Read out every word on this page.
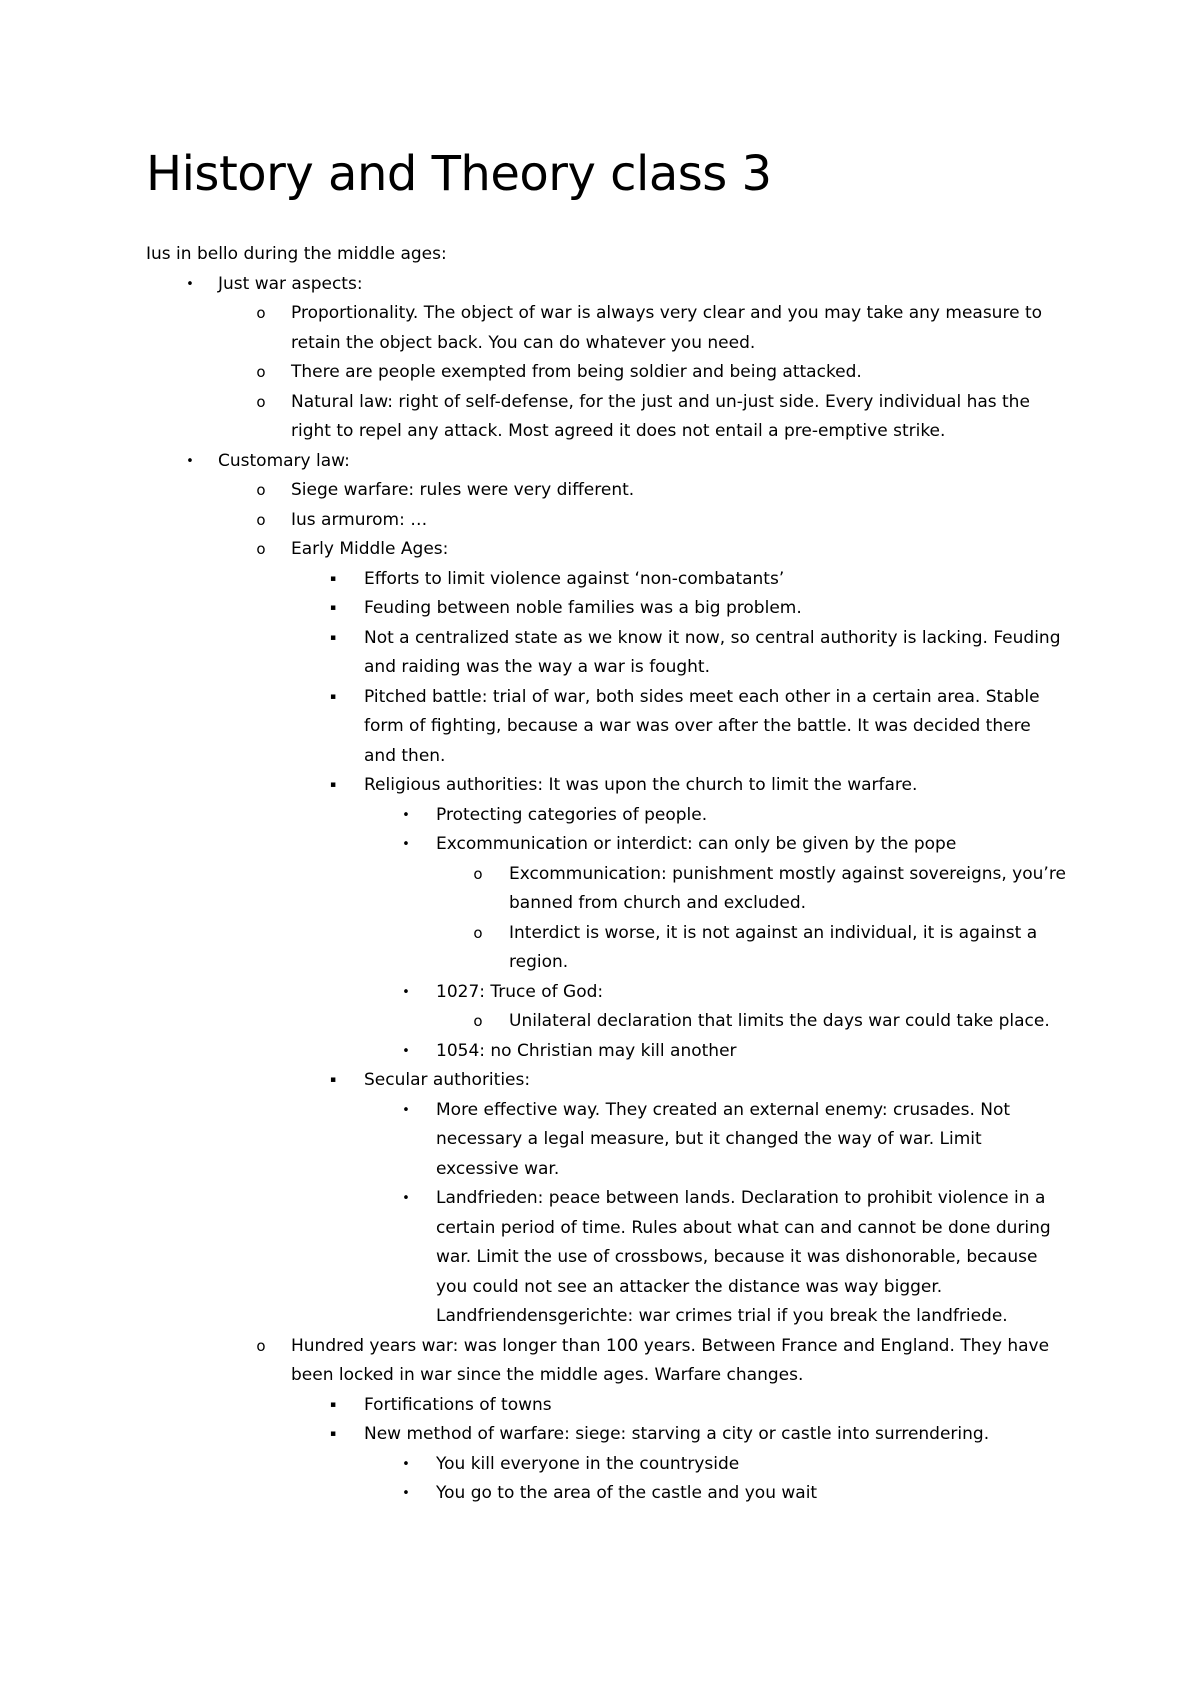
History and Theory class 3
Ius in bello during the middle ages:
•	Just war aspects:
o	Proportionality. The object of war is always very clear and you may take any measure to retain the object back. You can do whatever you need.
o	There are people exempted from being soldier and being attacked.
o	Natural law: right of self-defense, for the just and un-just side. Every individual has the right to repel any attack. Most agreed it does not entail a pre-emptive strike.
•	Customary law:
o	Siege warfare: rules were very different.
o	Ius armurom: …
o	Early Middle Ages:
▪	Efforts to limit violence against ‘non-combatants’
▪	Feuding between noble families was a big problem.
▪	Not a centralized state as we know it now, so central authority is lacking. Feuding and raiding was the way a war is fought.
▪	Pitched battle: trial of war, both sides meet each other in a certain area. Stable form of fighting, because a war was over after the battle. It was decided there and then.
▪	Religious authorities: It was upon the church to limit the warfare.
•	Protecting categories of people.
•	Excommunication or interdict: can only be given by the pope
o	Excommunication: punishment mostly against sovereigns, you’re banned from church and excluded.
o	Interdict is worse, it is not against an individual, it is against a region.
•	1027: Truce of God:
o	Unilateral declaration that limits the days war could take place.
•	1054: no Christian may kill another
▪	Secular authorities:
•	More effective way. They created an external enemy: crusades. Not necessary a legal measure, but it changed the way of war. Limit excessive war.
•	Landfrieden: peace between lands. Declaration to prohibit violence in a certain period of time. Rules about what can and cannot be done during war. Limit the use of crossbows, because it was dishonorable, because you could not see an attacker the distance was way bigger. Landfriendensgerichte: war crimes trial if you break the landfriede.
o	Hundred years war: was longer than 100 years. Between France and England. They have been locked in war since the middle ages. Warfare changes.
▪	Fortifications of towns
▪	New method of warfare: siege: starving a city or castle into surrendering.
•	You kill everyone in the countryside
•	You go to the area of the castle and you wait
